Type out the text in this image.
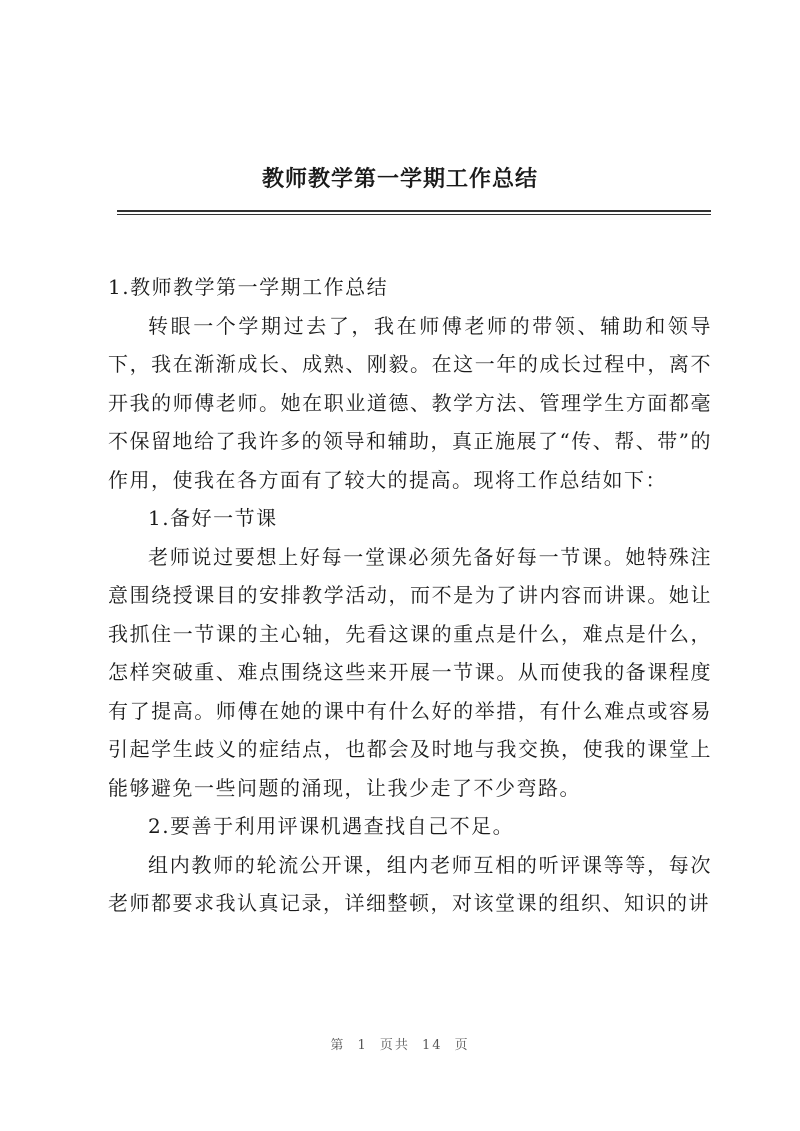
教师教学第一学期工作总结

1.教师教学第一学期工作总结

转眼一个学期过去了，我在师傅老师的带领、辅助和领导下，我在渐渐成长、成熟、刚毅。在这一年的成长过程中，离不开我的师傅老师。她在职业道德、教学方法、管理学生方面都毫不保留地给了我许多的领导和辅助，真正施展了“传、帮、带”的作用，使我在各方面有了较大的提高。现将工作总结如下：

1.备好一节课

老师说过要想上好每一堂课必须先备好每一节课。她特殊注意围绕授课目的安排教学活动，而不是为了讲内容而讲课。她让我抓住一节课的主心轴，先看这课的重点是什么，难点是什么，怎样突破重、难点围绕这些来开展一节课。从而使我的备课程度有了提高。师傅在她的课中有什么好的举措，有什么难点或容易引起学生歧义的症结点，也都会及时地与我交换，使我的课堂上能够避免一些问题的涌现，让我少走了不少弯路。

2.要善于利用评课机遇查找自己不足。

组内教师的轮流公开课，组内老师互相的听评课等等，每次老师都要求我认真记录，详细整顿，对该堂课的组织、知识的讲

第 1 页共 14 页
